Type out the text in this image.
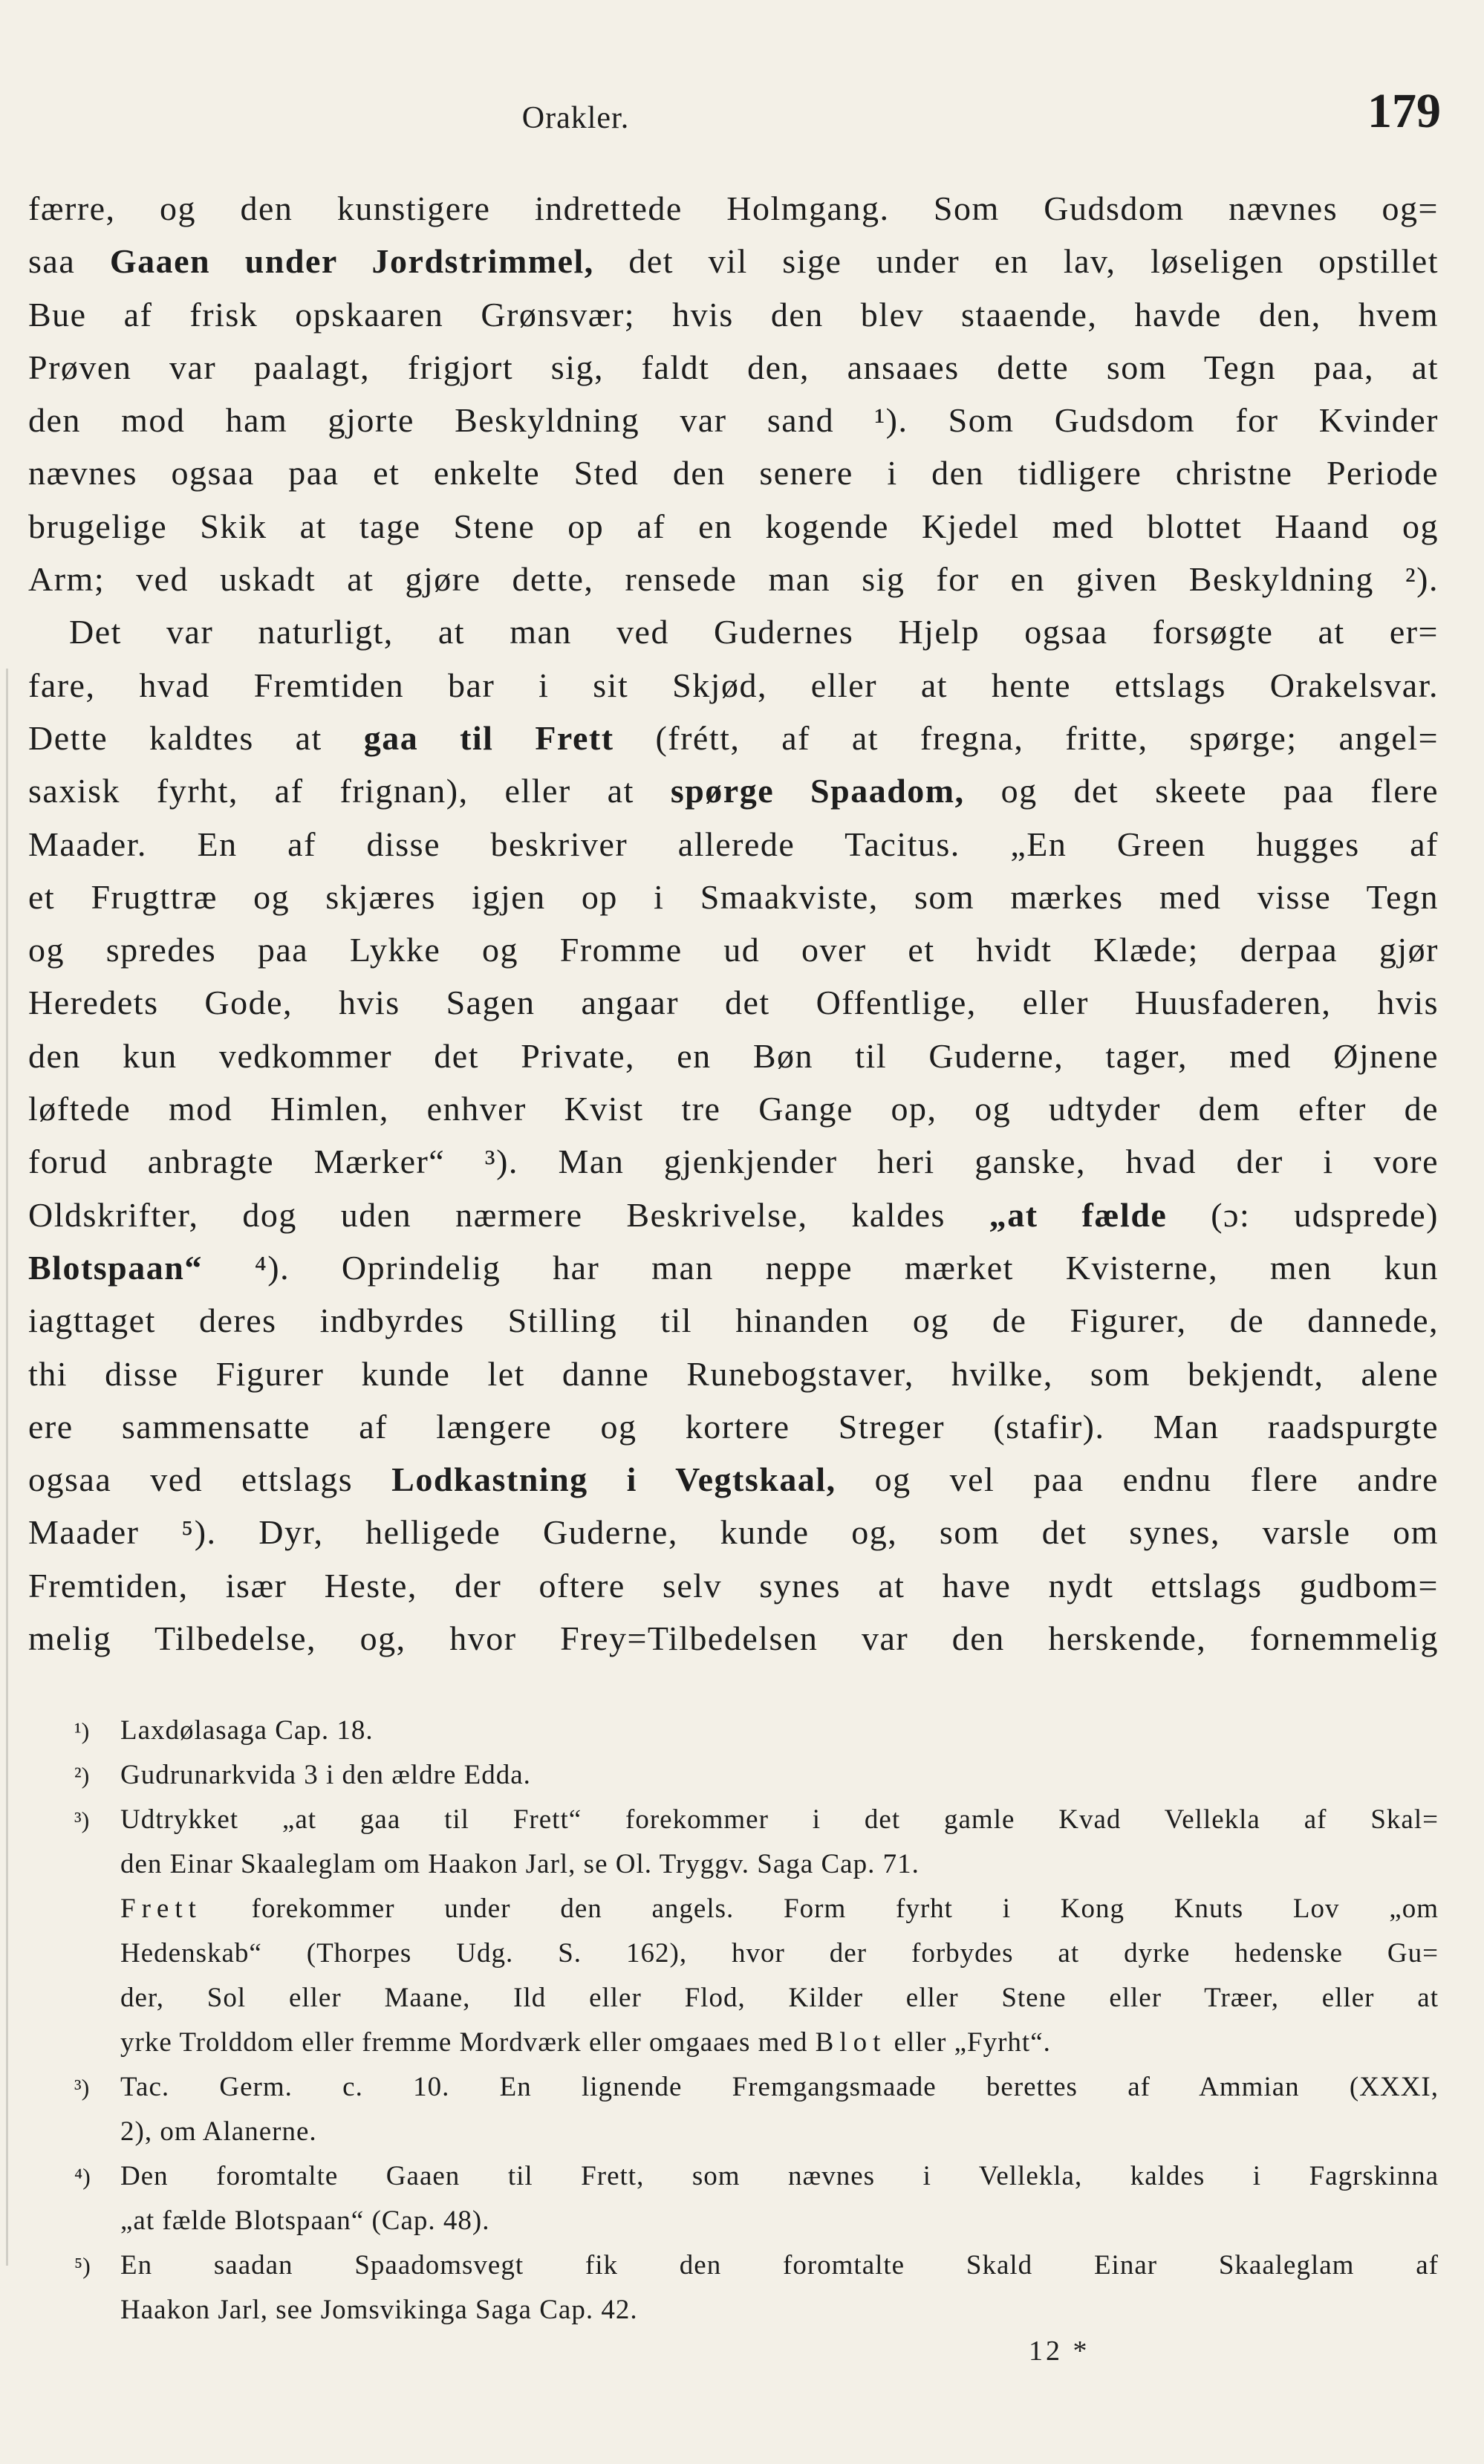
Orakler.	179
færre, og den kunstigere indrettede Holmgang. Som Gudsdom nævnes og=
saa Gaaen under Jordstrimmel, det vil sige under en lav, løseligen opstillet
Bue af frisk opskaaren Grønsvær; hvis den blev staaende, havde den, hvem
Prøven var paalagt, frigjort sig, faldt den, ansaaes dette som Tegn paa, at
den mod ham gjorte Beskyldning var sand ¹). Som Gudsdom for Kvinder
nævnes ogsaa paa et enkelte Sted den senere i den tidligere christne Periode
brugelige Skik at tage Stene op af en kogende Kjedel med blottet Haand og
Arm; ved uskadt at gjøre dette, rensede man sig for en given Beskyldning ²).
Det var naturligt, at man ved Gudernes Hjelp ogsaa forsøgte at er=
fare, hvad Fremtiden bar i sit Skjød, eller at hente ettslags Orakelsvar.
Dette kaldtes at gaa til Frett (frétt, af at fregna, fritte, spørge; angel=
saxisk fyrht, af frignan), eller at spørge Spaadom, og det skeete paa flere
Maader. En af disse beskriver allerede Tacitus. „En Green hugges af
et Frugttræ og skjæres igjen op i Smaakviste, som mærkes med visse Tegn
og spredes paa Lykke og Fromme ud over et hvidt Klæde; derpaa gjør
Heredets Gode, hvis Sagen angaar det Offentlige, eller Huusfaderen, hvis
den kun vedkommer det Private, en Bøn til Guderne, tager, med Øjnene
løftede mod Himlen, enhver Kvist tre Gange op, og udtyder dem efter de
forud anbragte Mærker“ ³). Man gjenkjender heri ganske, hvad der i vore
Oldskrifter, dog uden nærmere Beskrivelse, kaldes „at fælde (ɔ: udsprede)
Blotspaan“ ⁴). Oprindelig har man neppe mærket Kvisterne, men kun
iagttaget deres indbyrdes Stilling til hinanden og de Figurer, de dannede,
thi disse Figurer kunde let danne Runebogstaver, hvilke, som bekjendt, alene
ere sammensatte af længere og kortere Streger (stafir). Man raadspurgte
ogsaa ved ettslags Lodkastning i Vegtskaal, og vel paa endnu flere andre
Maader ⁵). Dyr, helligede Guderne, kunde og, som det synes, varsle om
Fremtiden, især Heste, der oftere selv synes at have nydt ettslags gudbom=
melig Tilbedelse, og, hvor Frey=Tilbedelsen var den herskende, fornemmelig
¹) Laxdølasaga Cap. 18.
²) Gudrunarkvida 3 i den ældre Edda.
³) Udtrykket „at gaa til Frett“ forekommer i det gamle Kvad Vellekla af Skal=
den Einar Skaaleglam om Haakon Jarl, se Ol. Tryggv. Saga Cap. 71.
Frett forekommer under den angels. Form fyrht i Kong Knuts Lov „om
Hedenskab“ (Thorpes Udg. S. 162), hvor der forbydes at dyrke hedenske Gu=
der, Sol eller Maane, Ild eller Flod, Kilder eller Stene eller Træer, eller at
yrke Trolddom eller fremme Mordværk eller omgaaes med Blot eller „Fyrht“.
³) Tac. Germ. c. 10. En lignende Fremgangsmaade berettes af Ammian (XXXI,
2), om Alanerne.
⁴) Den foromtalte Gaaen til Frett, som nævnes i Vellekla, kaldes i Fagrskinna
„at fælde Blotspaan“ (Cap. 48).
⁵) En saadan Spaadomsvegt fik den foromtalte Skald Einar Skaaleglam af
Haakon Jarl, see Jomsvikinga Saga Cap. 42.
12 *
